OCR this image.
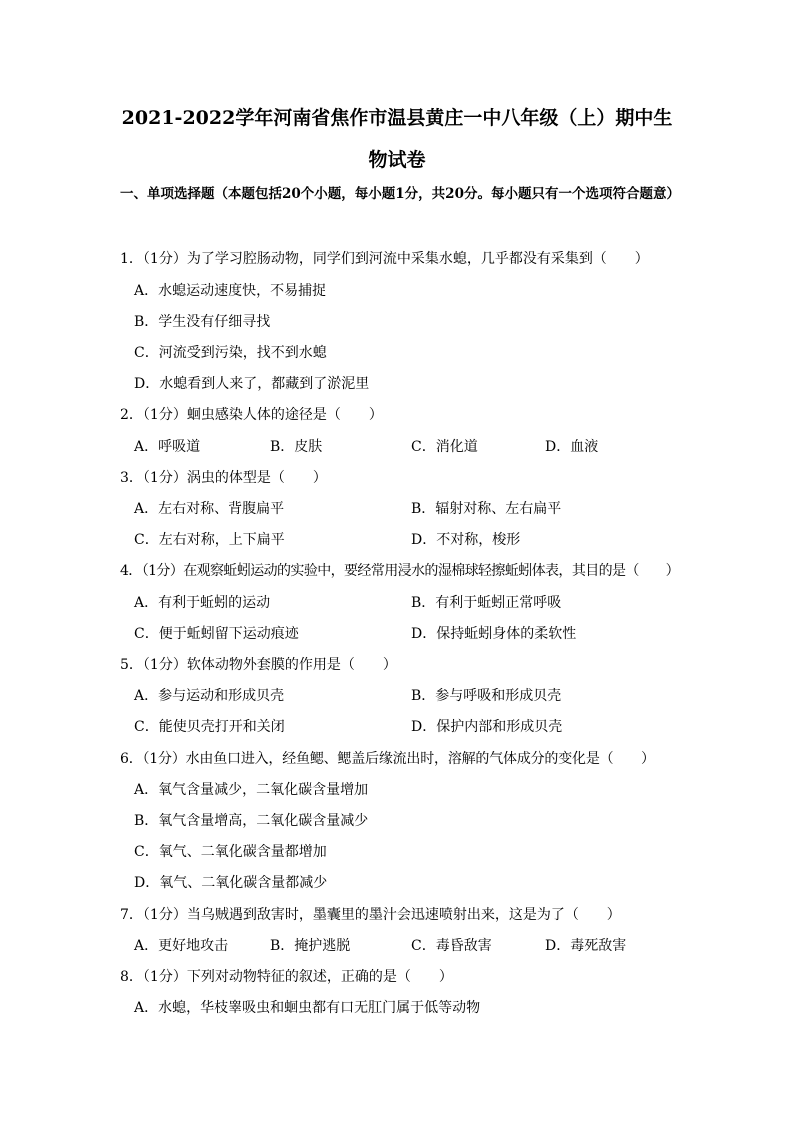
2021-2022学年河南省焦作市温县黄庄一中八年级（上）期中生
物试卷
一、单项选择题（本题包括20个小题，每小题1分，共20分。每小题只有一个选项符合题意）
1．（1分）为了学习腔肠动物，同学们到河流中采集水螅，几乎都没有采集到（　　）
A．水螅运动速度快，不易捕捉
B．学生没有仔细寻找
C．河流受到污染，找不到水螅
D．水螅看到人来了，都藏到了淤泥里
2．（1分）蛔虫感染人体的途径是（　　）
A．呼吸道	B．皮肤	C．消化道	D．血液
3．（1分）涡虫的体型是（　　）
A．左右对称、背腹扁平	B．辐射对称、左右扁平
C．左右对称，上下扁平	D．不对称，梭形
4．（1分）在观察蚯蚓运动的实验中，要经常用浸水的湿棉球轻擦蚯蚓体表，其目的是（　　）
A．有利于蚯蚓的运动	B．有利于蚯蚓正常呼吸
C．便于蚯蚓留下运动痕迹	D．保持蚯蚓身体的柔软性
5．（1分）软体动物外套膜的作用是（　　）
A．参与运动和形成贝壳	B．参与呼吸和形成贝壳
C．能使贝壳打开和关闭	D．保护内部和形成贝壳
6．（1分）水由鱼口进入，经鱼鳃、鳃盖后缘流出时，溶解的气体成分的变化是（　　）
A．氧气含量减少，二氧化碳含量增加
B．氧气含量增高，二氧化碳含量减少
C．氧气、二氧化碳含量都增加
D．氧气、二氧化碳含量都减少
7．（1分）当乌贼遇到敌害时，墨囊里的墨汁会迅速喷射出来，这是为了（　　）
A．更好地攻击	B．掩护逃脱	C．毒昏敌害	D．毒死敌害
8．（1分）下列对动物特征的叙述，正确的是（　　）
A．水螅，华枝睾吸虫和蛔虫都有口无肛门属于低等动物
